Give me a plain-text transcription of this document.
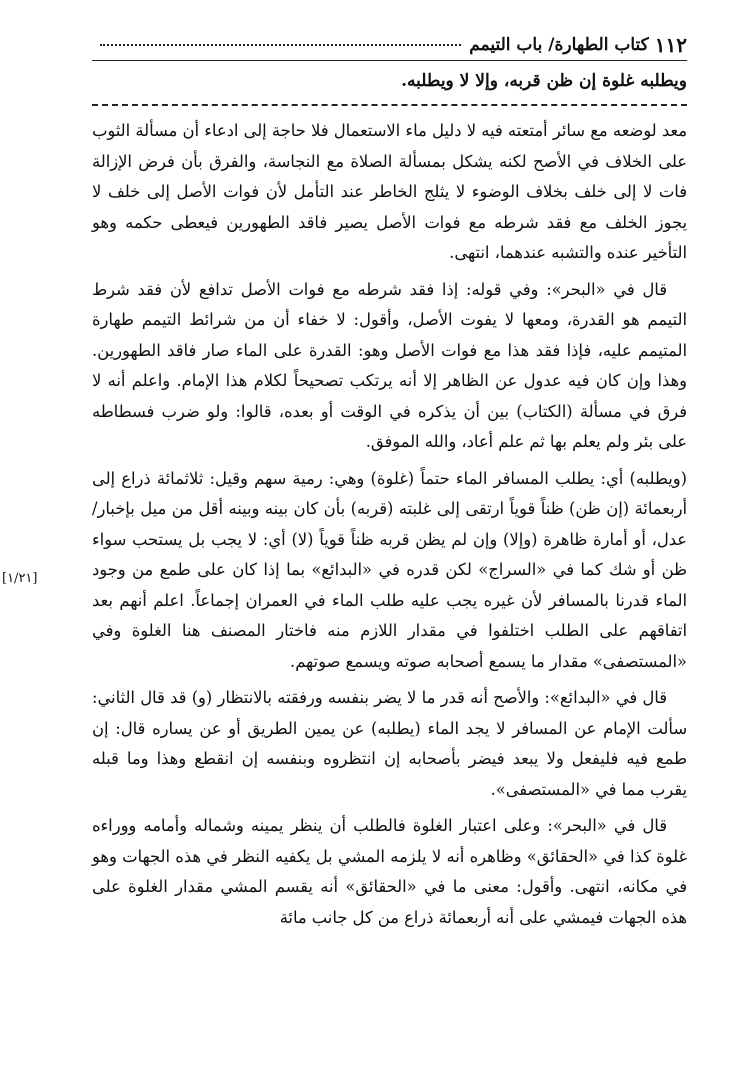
١١٢
كتاب الطهارة/ باب التيمم
ويطلبه غلوة إن ظن قربه، وإلا لا ويطلبه.

معد لوضعه مع سائر أمتعته فيه لا دليل ماء الاستعمال فلا حاجة إلى ادعاء أن مسألة الثوب على الخلاف في الأصح لكنه يشكل بمسألة الصلاة مع النجاسة، والفرق بأن فرض الإزالة فات لا إلى خلف بخلاف الوضوء لا يثلج الخاطر عند التأمل لأن فوات الأصل إلى خلف لا يجوز الخلف مع فقد شرطه مع فوات الأصل يصير فاقد الطهورين فيعطى حكمه وهو التأخير عنده والتشبه عندهما، انتهى.

قال في «البحر»: وفي قوله: إذا فقد شرطه مع فوات الأصل تدافع لأن فقد شرط التيمم هو القدرة، ومعها لا يفوت الأصل، وأقول: لا خفاء أن من شرائط التيمم طهارة المتيمم عليه، فإذا فقد هذا مع فوات الأصل وهو: القدرة على الماء صار فاقد الطهورين. وهذا وإن كان فيه عدول عن الظاهر إلا أنه يرتكب تصحيحاً لكلام هذا الإمام. واعلم أنه لا فرق في مسألة (الكتاب) بين أن يذكره في الوقت أو بعده، قالوا: ولو ضرب فسطاطه على بئر ولم يعلم بها ثم علم أعاد، والله الموفق.

(ويطلبه) أي: يطلب المسافر الماء حتماً (غلوة) وهي: رمية سهم وقيل: ثلاثمائة ذراع إلى أربعمائة (إن ظن) ظناً قوياً ارتقى إلى غلبته (قربه) بأن كان بينه وبينه أقل من ميل بإخبار/ عدل، أو أمارة ظاهرة (وإلا) وإن لم يظن قربه ظناً قوياً (لا) أي: لا يجب بل يستحب سواء ظن أو شك كما في «السراج» لكن قدره في «البدائع» بما إذا كان على طمع من وجود الماء قدرنا بالمسافر لأن غيره يجب عليه طلب الماء في العمران إجماعاً. اعلم أنهم بعد اتفاقهم على الطلب اختلفوا في مقدار اللازم منه فاختار المصنف هنا الغلوة وفي «المستصفى» مقدار ما يسمع أصحابه صوته ويسمع صوتهم.

قال في «البدائع»: والأصح أنه قدر ما لا يضر بنفسه ورفقته بالانتظار (و) قد قال الثاني: سألت الإمام عن المسافر لا يجد الماء (يطلبه) عن يمين الطريق أو عن يساره قال: إن طمع فيه فليفعل ولا يبعد فيضر بأصحابه إن انتظروه وبنفسه إن انقطع وهذا وما قبله يقرب مما في «المستصفى».

قال في «البحر»: وعلى اعتبار الغلوة فالطلب أن ينظر يمينه وشماله وأمامه ووراءه غلوة كذا في «الحقائق» وظاهره أنه لا يلزمه المشي بل يكفيه النظر في هذه الجهات وهو في مكانه، انتهى. وأقول: معنى ما في «الحقائق» أنه يقسم المشي مقدار الغلوة على هذه الجهات فيمشي على أنه أربعمائة ذراع من كل جانب مائة

[١/٢١]
